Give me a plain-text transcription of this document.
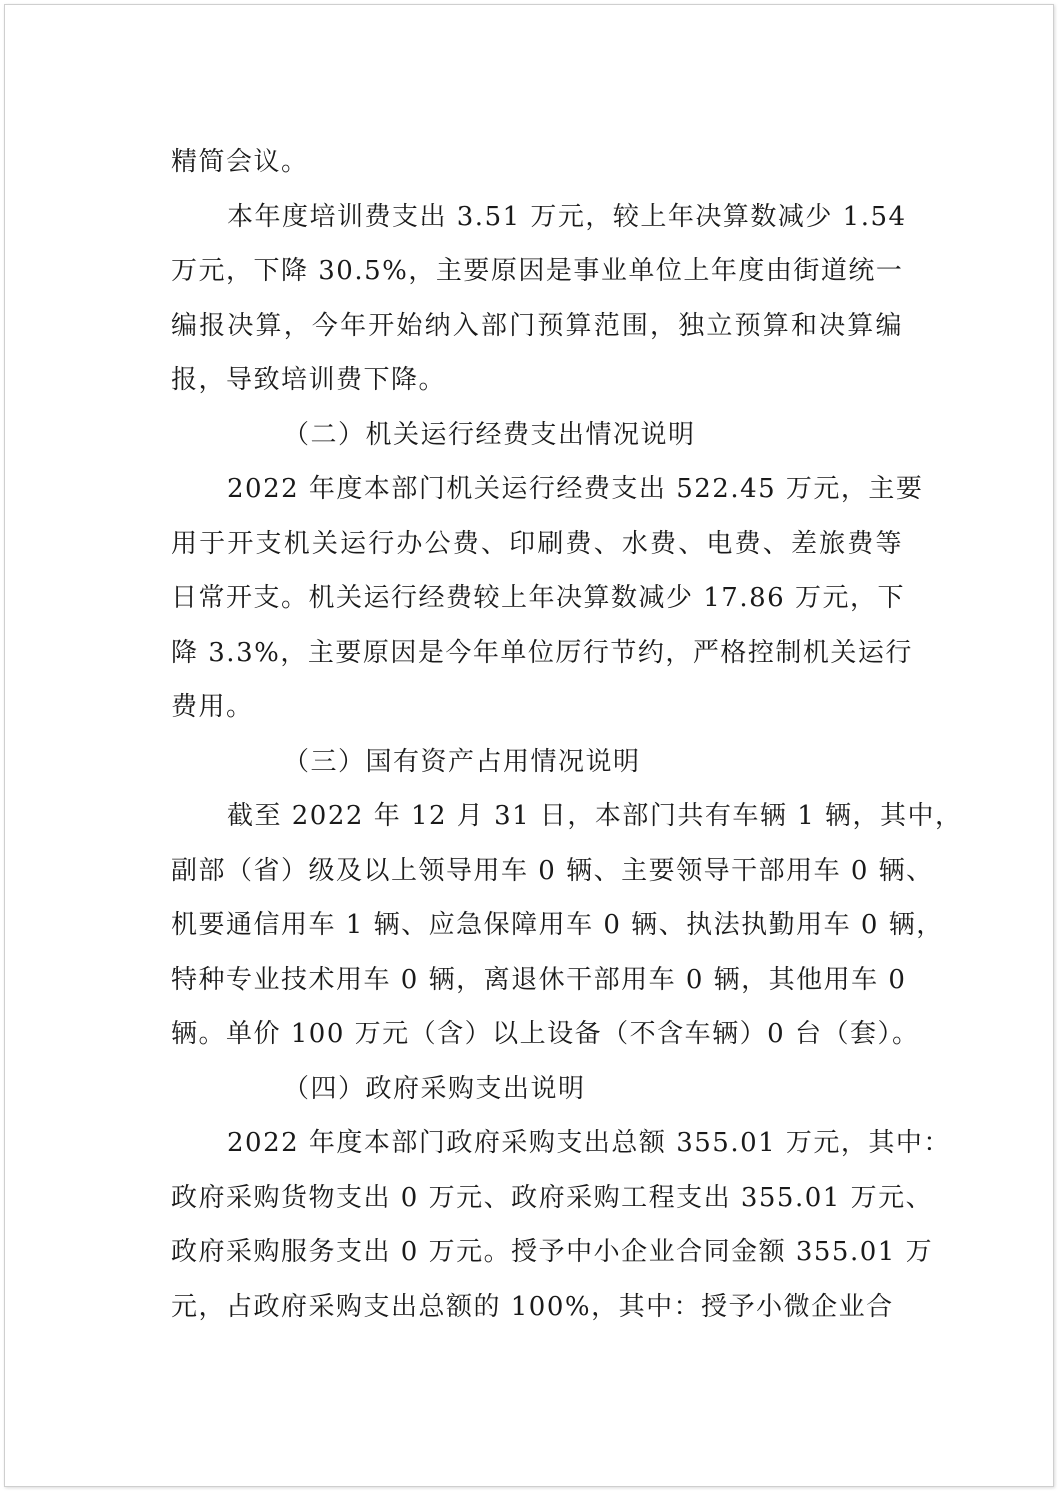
精简会议。
本年度培训费支出 3.51 万元，较上年决算数减少 1.54
万元，下降 30.5%，主要原因是事业单位上年度由街道统一
编报决算，今年开始纳入部门预算范围，独立预算和决算编
报，导致培训费下降。
（二）机关运行经费支出情况说明
2022 年度本部门机关运行经费支出 522.45 万元，主要
用于开支机关运行办公费、印刷费、水费、电费、差旅费等
日常开支。机关运行经费较上年决算数减少 17.86 万元，下
降 3.3%，主要原因是今年单位厉行节约，严格控制机关运行
费用。
（三）国有资产占用情况说明
截至 2022 年 12 月 31 日，本部门共有车辆 1 辆，其中，
副部（省）级及以上领导用车 0 辆、主要领导干部用车 0 辆、
机要通信用车 1 辆、应急保障用车 0 辆、执法执勤用车 0 辆，
特种专业技术用车 0 辆，离退休干部用车 0 辆，其他用车 0
辆。单价 100 万元（含）以上设备（不含车辆）0 台（套）。
（四）政府采购支出说明
2022 年度本部门政府采购支出总额 355.01 万元，其中：
政府采购货物支出 0 万元、政府采购工程支出 355.01 万元、
政府采购服务支出 0 万元。授予中小企业合同金额 355.01 万
元，占政府采购支出总额的 100%，其中：授予小微企业合
